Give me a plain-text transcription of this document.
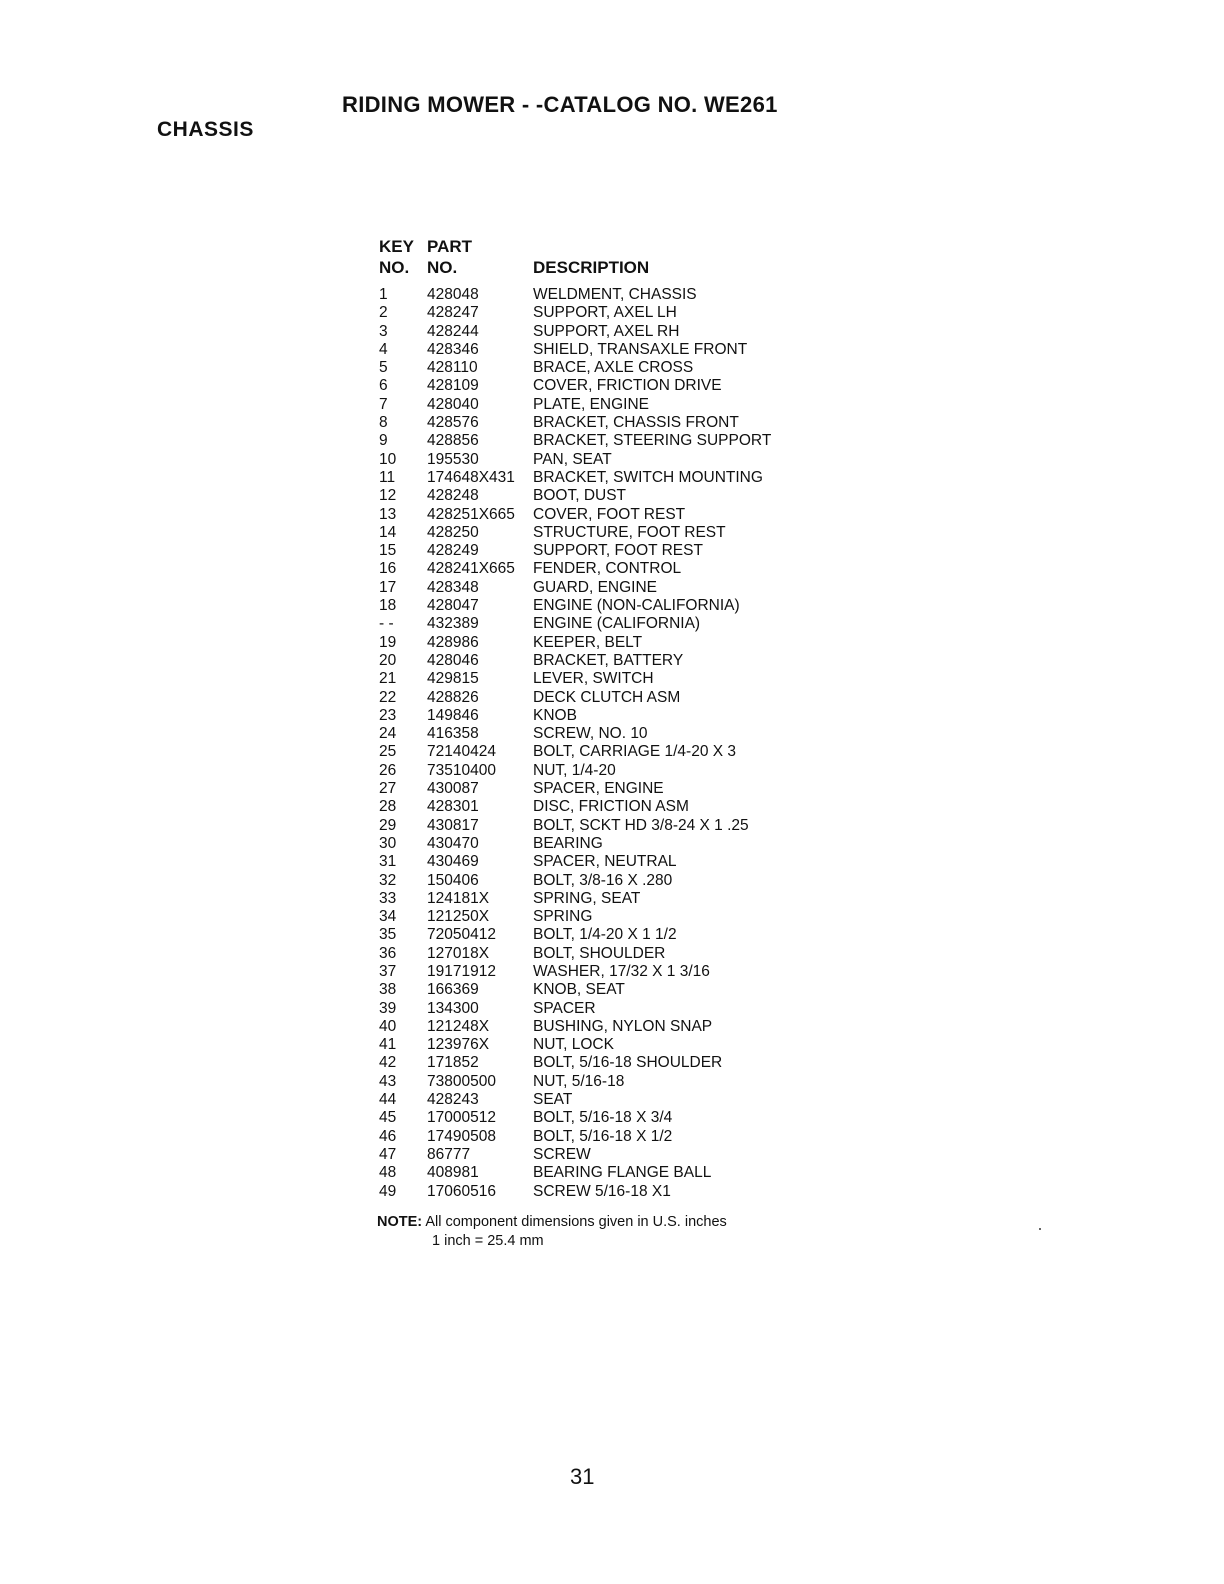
RIDING MOWER - -CATALOG NO. WE261
CHASSIS
KEY PART
NO. NO.	DESCRIPTION
1	428048	WELDMENT, CHASSIS
2	428247	SUPPORT, AXEL LH
3	428244	SUPPORT, AXEL RH
4	428346	SHIELD, TRANSAXLE FRONT
5	428110	BRACE, AXLE CROSS
6	428109	COVER, FRICTION DRIVE
7	428040	PLATE, ENGINE
8	428576	BRACKET, CHASSIS FRONT
9	428856	BRACKET, STEERING SUPPORT
10 195530	PAN, SEAT
11 174648X431 BRACKET, SWITCH MOUNTING
12 428248	BOOT, DUST
13 428251X665 COVER, FOOT REST
14 428250	STRUCTURE, FOOT REST
15 428249	SUPPORT, FOOT REST
16 428241X665 FENDER, CONTROL
17 428348	GUARD, ENGINE
18 428047	ENGINE (NON-CALIFORNIA)
- - 432389	ENGINE (CALIFORNIA)
19 428986	KEEPER, BELT
20 428046	BRACKET, BATTERY
21 429815	LEVER, SWITCH
22 428826	DECK CLUTCH ASM
23 149846	KNOB
24 416358	SCREW, NO. 10
25 72140424 BOLT, CARRIAGE 1/4-20 X 3
26 73510400 NUT, 1/4-20
27 430087	SPACER, ENGINE
28 428301	DISC, FRICTION ASM
29 430817	BOLT, SCKT HD 3/8-24 X 1 .25
30 430470	BEARING
31 430469	SPACER, NEUTRAL
32 150406	BOLT, 3/8-16 X .280
33 124181X	SPRING, SEAT
34 121250X	SPRING
35 72050412 BOLT, 1/4-20 X 1 1/2
36 127018X	BOLT, SHOULDER
37 19171912 WASHER, 17/32 X 1 3/16
38 166369	KNOB, SEAT
39 134300	SPACER
40 121248X	BUSHING, NYLON SNAP
41 123976X	NUT, LOCK
42 171852	BOLT, 5/16-18 SHOULDER
43 73800500 NUT, 5/16-18
44 428243	SEAT
45 17000512 BOLT, 5/16-18 X 3/4
46 17490508 BOLT, 5/16-18 X 1/2
47 86777	SCREW
48 408981	BEARING FLANGE BALL
49 17060516 SCREW 5/16-18 X1
NOTE: All component dimensions given in U.S. inches
1 inch = 25.4 mm
31
